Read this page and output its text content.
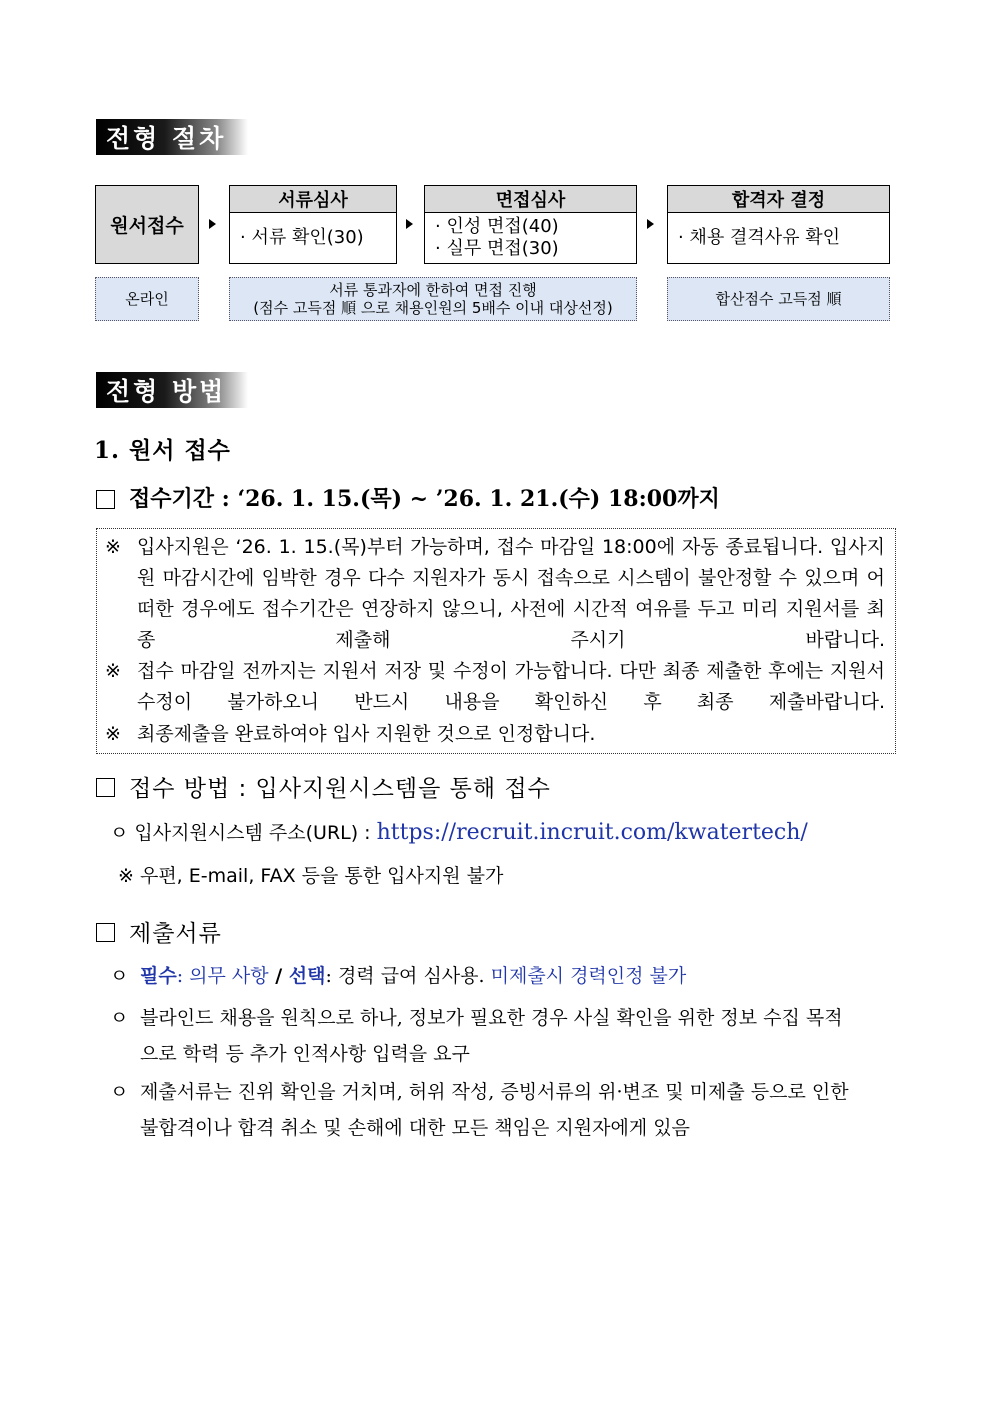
전형 절차
원서접수
서류심사
· 서류 확인(30)
면접심사
· 인성 면접(40)
· 실무 면접(30)
합격자 결정
· 채용 결격사유 확인
온라인	서류 통과자에 한하여 면접 진행
(점수 고득점 順 으로 채용인원의 5배수 이내 대상선정)	합산점수 고득점 順
전형 방법
1. 원서 접수
접수기간 : ‘26. 1. 15.(목) ~ ’26. 1. 21.(수) 18:00까지
※ 입사지원은 ‘26. 1. 15.(목)부터 가능하며, 접수 마감일 18:00에 자동 종료됩니다. 입사지원 마감시간에 임박한 경우 다수 지원자가 동시 접속으로 시스템이 불안정할 수 있으며 어떠한 경우에도 접수기간은 연장하지 않으니, 사전에 시간적 여유를 두고 미리 지원서를 최종 제출해 주시기 바랍니다.
※ 접수 마감일 전까지는 지원서 저장 및 수정이 가능합니다. 다만 최종 제출한 후에는 지원서 수정이 불가하오니 반드시 내용을 확인하신 후 최종 제출바랍니다.
※ 최종제출을 완료하여야 입사 지원한 것으로 인정합니다.
접수 방법 : 입사지원시스템을 통해 접수
ㅇ 입사지원시스템 주소(URL) : https://recruit.incruit.com/kwatertech/
※ 우편, E-mail, FAX 등을 통한 입사지원 불가
제출서류
ㅇ 필수: 의무 사항 / 선택: 경력 급여 심사용. 미제출시 경력인정 불가
ㅇ 블라인드 채용을 원칙으로 하나, 정보가 필요한 경우 사실 확인을 위한 정보 수집 목적으로 학력 등 추가 인적사항 입력을 요구
ㅇ 제출서류는 진위 확인을 거치며, 허위 작성, 증빙서류의 위·변조 및 미제출 등으로 인한 불합격이나 합격 취소 및 손해에 대한 모든 책임은 지원자에게 있음
